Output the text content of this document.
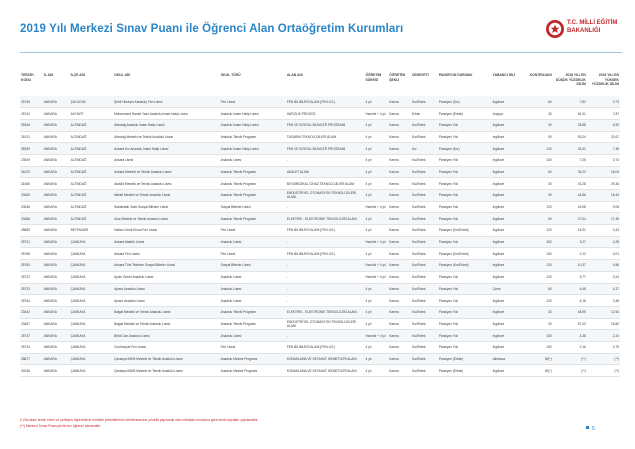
2019 Yılı Merkezi Sınav Puanı ile Öğrenci Alan Ortaöğretim Kurumları	T.C. MİLLİ EĞİTİM
BAKANLIĞI
TERCİH KODU	İL ADI	İLÇE ADI	OKUL ADI	OKUL TÜRÜ	ALAN ADI	ÖĞRETİM SÜRESİ	ÖĞRETİM ŞEKLİ	CİNSİYETİ	PANSİYON DURUMU	YABANCI DİLİ	KONTENJANI	2018 YILI EN DÜŞÜK YÜZDELİK DİLİM	2018 YILI EN YÜKSEK YÜZDELİK DİLİM
25745	ANKARA	ŞULUOVA	Şehit Hüseyin Karakılıç Fen Lisesi	Fen Lisesi	FEN BİLİMLERİ ALANI (FEN LİS.)	4 yıl	Karma	Kız/Erkek	Pansiyon (Kız)	İngilizce	60	7,82	3,73
25743	ANKARA	AKYURT	Muhammed Hamdi Yazır Anadolu İmam Hatip Lisesi	Anadolu İmam Hatip Lisesi	HAFIZLIK PROJESİ	Hazırlık + 4 yıl	Karma	Erkek	Pansiyon (Erkek)	Arapça	30	64,31	7,87
25346	ANKARA	ALTINDAĞ	Altındağ Anadolu İmam Hatip Lisesi	Anadolu İmam Hatip Lisesi	FEN VE SOSYAL BİLİMLER PROGRAMI	4 yıl	Karma	Kız/Erkek	Pansiyon Yok	İngilizce	30	28,88	6,92
31021	ANKARA	ALTINDAĞ	Altındağ Mesleki ve Teknik Anadolu Lisesi	Anadolu Teknik Programı	TASARIM TEKNOLOJİLERİ ALANI	4 yıl	Karma	Kız/Erkek	Pansiyon Yok	İngilizce	90	53,24	20,67
35359	ANKARA	ALTINDAĞ	Ankara Kız Anadolu İmam Hatip Lisesi	Anadolu İmam Hatip Lisesi	FEN VE SOSYAL BİLİMLER PROGRAMI	4 yıl	Karma	Kız	Pansiyon (Kız)	İngilizce	120	26,31	7,38
23549	ANKARA	ALTINDAĞ	Ankara Lisesi	Anadolu Lisesi	-	4 yıl	Karma	Kız/Erkek	Pansiyon Yok	İngilizce	150	7,05	3,74
31022	ANKARA	ALTINDAĞ	Ankara Mesleki ve Teknik Anadolu Lisesi	Anadolu Teknik Programı	ADALET ALANI	4 yıl	Karma	Kız/Erkek	Pansiyon Yok	İngilizce	60	35,22	18,04
31466	ANKARA	ALTINDAĞ	Atatürk Mesleki ve Teknik Anadolu Lisesi	Anadolu Teknik Programı	BİYOMEDİKAL CİHAZ TEKNOLOJİLERİ ALANI	4 yıl	Karma	Kız/Erkek	Pansiyon Yok	İngilizce	30	43,28	29,36
23465	ANKARA	ALTINDAĞ	İstiklal Mesleki ve Teknik Anadolu Lisesi	Anadolu Teknik Programı	ENDÜSTRİYEL OTOMASYON TEKNOLOJİLERİ ALANI	4 yıl	Karma	Kız/Erkek	Pansiyon Yok	İngilizce	30	44,86	18,43
23548	ANKARA	ALTINDAĞ	Sabahattin Zaim Sosyal Bilimler Lisesi	Sosyal Bilimler Lisesi	-	Hazırlık + 4 yıl	Karma	Kız/Erkek	Pansiyon Yok	İngilizce	120	18,98	9,08
23486	ANKARA	ALTINDAĞ	Ulus Mesleki ve Teknik Anadolu Lisesi	Anadolu Teknik Programı	ELEKTRİK - ELEKTRONİK TEKNOLOJİSİ ALANI	4 yıl	Karma	Kız/Erkek	Pansiyon Yok	İngilizce	60	37,54	17,48
25885	ANKARA	BEYPAZARI	Hatice-Cemil Ercan Fen Lisesi	Fen Lisesi	FEN BİLİMLERİ ALANI (FEN LİS.)	4 yıl	Karma	Kız/Erkek	Pansiyon (Kız/Erkek)	İngilizce	120	16,31	3,43
25721	ANKARA	ÇANKAYA	Ankara Atatürk Lisesi	Anadolu Lisesi	-	Hazırlık + 4 yıl	Karma	Kız/Erkek	Pansiyon Yok	İngilizce	300	3,27	0,28
25768	ANKARA	ÇANKAYA	Ankara Fen Lisesi	Fen Lisesi	FEN BİLİMLERİ ALANI (FEN LİS.)	4 yıl	Karma	Kız/Erkek	Pansiyon (Kız/Erkek)	İngilizce	150	0,12	0,01
25763	ANKARA	ÇANKAYA	Ankara Türk Telekom Sosyal Bilimler Lisesi	Sosyal Bilimler Lisesi	-	Hazırlık + 4 yıl	Karma	Kız/Erkek	Pansiyon (Kız/Erkek)	İngilizce	120	10,37	4,56
25722	ANKARA	ÇANKAYA	Aydın Güner Anadolu Lisesi	Anadolu Lisesi	-	Hazırlık + 4 yıl	Karma	Kız/Erkek	Pansiyon Yok	İngilizce	120	6,77	3,24
25723	ANKARA	ÇANKAYA	Ayranı Anadolu Lisesi	Anadolu Lisesi	-	4 yıl	Karma	Kız/Erkek	Pansiyon Yok	Çince	60	6,48	4,37
25764	ANKARA	ÇANKAYA	Ayranı Anadolu Lisesi	Anadolu Lisesi	-	4 yıl	Karma	Kız/Erkek	Pansiyon Yok	İngilizce	120	6,18	3,48
23442	ANKARA	ÇANKAYA	Balgat Mesleki ve Teknik Anadolu Lisesi	Anadolu Teknik Programı	ELEKTRİK - ELEKTRONİK TEKNOLOJİSİ ALANI	4 yıl	Karma	Kız/Erkek	Pansiyon Yok	İngilizce	30	48,95	12,54
23467	ANKARA	ÇANKAYA	Balgat Mesleki ve Teknik Anadolu Lisesi	Anadolu Teknik Programı	ENDÜSTRİYEL OTOMASYON TEKNOLOJİLERİ ALANI	4 yıl	Karma	Kız/Erkek	Pansiyon Yok	İngilizce	30	57,03	15,82
25747	ANKARA	ÇANKAYA	Betül Can Anadolu Lisesi	Anadolu Lisesi	-	Hazırlık + 4 yıl	Karma	Kız/Erkek	Pansiyon Yok	İngilizce	150	4,38	2,24
25744	ANKARA	ÇANKAYA	Cumhuriyet Fen Lisesi	Fen Lisesi	FEN BİLİMLERİ ALANI (FEN LİS.)	4 yıl	Karma	Kız/Erkek	Pansiyon Yok	İngilizce	150	2,16	0,75
28877	ANKARA	ÇANKAYA	Çankaya İMKB Mesleki ve Teknik Anadolu Lisesi	Anadolu Meslek Programı	KONAKLAMA VE SEYAHAT HİZMETLERİ ALANI	4 yıl	Karma	Kız/Erkek	Pansiyon (Erkek)	Almanca	30(*)	(**)	(**)
30236	ANKARA	ÇANKAYA	Çankaya İMKB Mesleki ve Teknik Anadolu Lisesi	Anadolu Meslek Programı	KONAKLAMA VE SEYAHAT HİZMETLERİ ALANI	4 yıl	Karma	Kız/Erkek	Pansiyon (Erkek)	İngilizce	30(*)	(**)	(**)
(*) Bu alanı tercih eden ve yerleşen öğrencilerin mesleki yeterliklerinin belirlenmesine yönelik yapılacak olan mülakat sonucuna göre kesin kayıtları yapılacaktır.
(**) Merkezi Sınav Puanıyla ilk kez öğrenci alınacaktır.	5
